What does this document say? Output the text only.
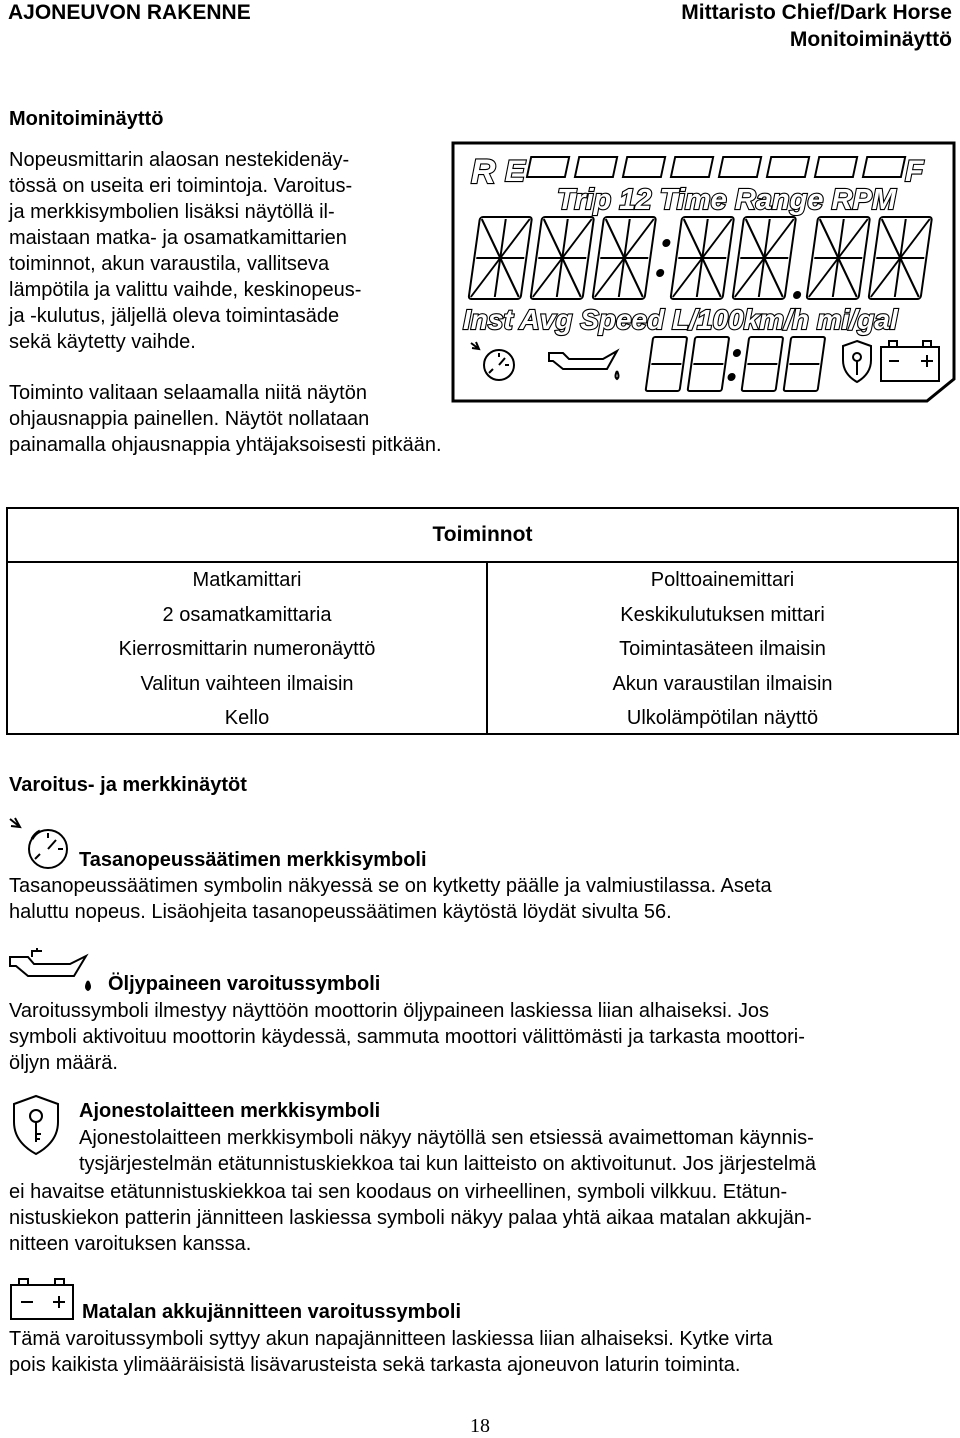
AJONEUVON RAKENNE	Mittaristo Chief/Dark Horse
Monitoiminäyttö
Monitoiminäyttö
Nopeusmittarin alaosan nestekidenäy-
tössä on useita eri toimintoja. Varoitus-
ja merkkisymbolien lisäksi näytöllä il-
maistaan matka- ja osamatkamittarien
toiminnot, akun varaustila, vallitseva
lämpötila ja valittu vaihde, keskinopeus-
ja -kulutus, jäljellä oleva toimintasäde
sekä käytetty vaihde.
Toiminto valitaan selaamalla niitä näytön
ohjausnappia painellen. Näytöt nollataan
painamalla ohjausnappia yhtäjaksoisesti pitkään.
R E	F
Trip 12 Time Range RPM
Inst Avg Speed L/100km/h mi/gal
Toiminnot
Matkamittari
2 osamatkamittaria
Kierrosmittarin numeronäyttö
Valitun vaihteen ilmaisin
Kello
Polttoainemittari
Keskikulutuksen mittari
Toimintasäteen ilmaisin
Akun varaustilan ilmaisin
Ulkolämpötilan näyttö
Varoitus- ja merkkinäytöt
Tasanopeussäätimen merkkisymboli
Tasanopeussäätimen symbolin näkyessä se on kytketty päälle ja valmiustilassa. Aseta
haluttu nopeus. Lisäohjeita tasanopeussäätimen käytöstä löydät sivulta 56.
Öljypaineen varoitussymboli
Varoitussymboli ilmestyy näyttöön moottorin öljypaineen laskiessa liian alhaiseksi. Jos
symboli aktivoituu moottorin käydessä, sammuta moottori välittömästi ja tarkasta moottori-
öljyn määrä.
Ajonestolaitteen merkkisymboli
Ajonestolaitteen merkkisymboli näkyy näytöllä sen etsiessä avaimettoman käynnis-
tysjärjestelmän etätunnistuskiekkoa tai kun laitteisto on aktivoitunut. Jos järjestelmä
ei havaitse etätunnistuskiekkoa tai sen koodaus on virheellinen, symboli vilkkuu. Etätun-
nistuskiekon patterin jännitteen laskiessa symboli näkyy palaa yhtä aikaa matalan akkujän-
nitteen varoituksen kanssa.
Matalan akkujännitteen varoitussymboli
Tämä varoitussymboli syttyy akun napajännitteen laskiessa liian alhaiseksi. Kytke virta
pois kaikista ylimääräisistä lisävarusteista sekä tarkasta ajoneuvon laturin toiminta.
18
